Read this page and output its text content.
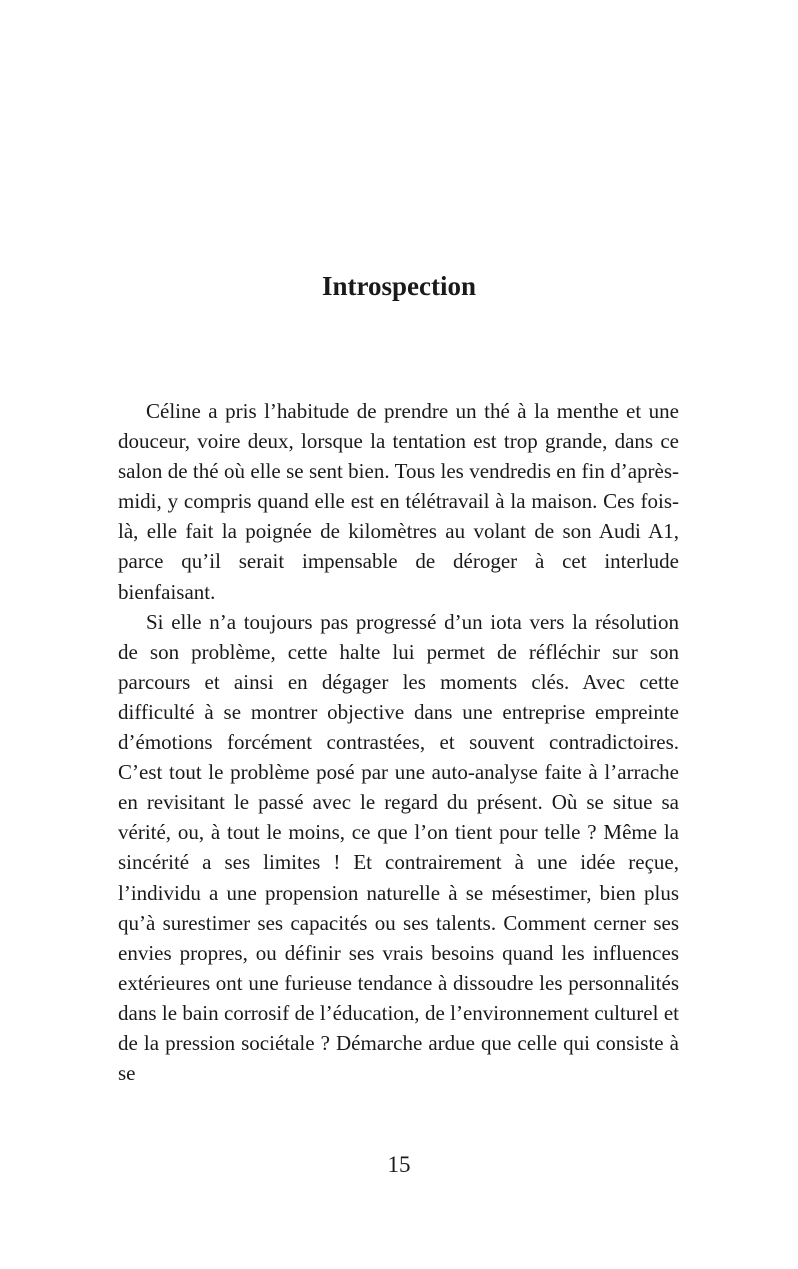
Introspection

Céline a pris l’habitude de prendre un thé à la menthe et une douceur, voire deux, lorsque la tentation est trop grande, dans ce salon de thé où elle se sent bien. Tous les vendredis en fin d’après-midi, y compris quand elle est en télétravail à la maison. Ces fois-là, elle fait la poignée de kilomètres au volant de son Audi A1, parce qu’il serait impensable de déroger à cet interlude bienfaisant.

Si elle n’a toujours pas progressé d’un iota vers la résolution de son problème, cette halte lui permet de réfléchir sur son parcours et ainsi en dégager les moments clés. Avec cette difficulté à se montrer objective dans une entreprise empreinte d’émotions forcément contrastées, et souvent contradictoires. C’est tout le problème posé par une auto-analyse faite à l’arrache en revisitant le passé avec le regard du présent. Où se situe sa vérité, ou, à tout le moins, ce que l’on tient pour telle ? Même la sincérité a ses limites ! Et contrairement à une idée reçue, l’individu a une propension naturelle à se mésestimer, bien plus qu’à surestimer ses capacités ou ses talents. Comment cerner ses envies propres, ou définir ses vrais besoins quand les influences extérieures ont une furieuse tendance à dissoudre les personnalités dans le bain corrosif de l’éducation, de l’environnement culturel et de la pression sociétale ? Démarche ardue que celle qui consiste à se

15
